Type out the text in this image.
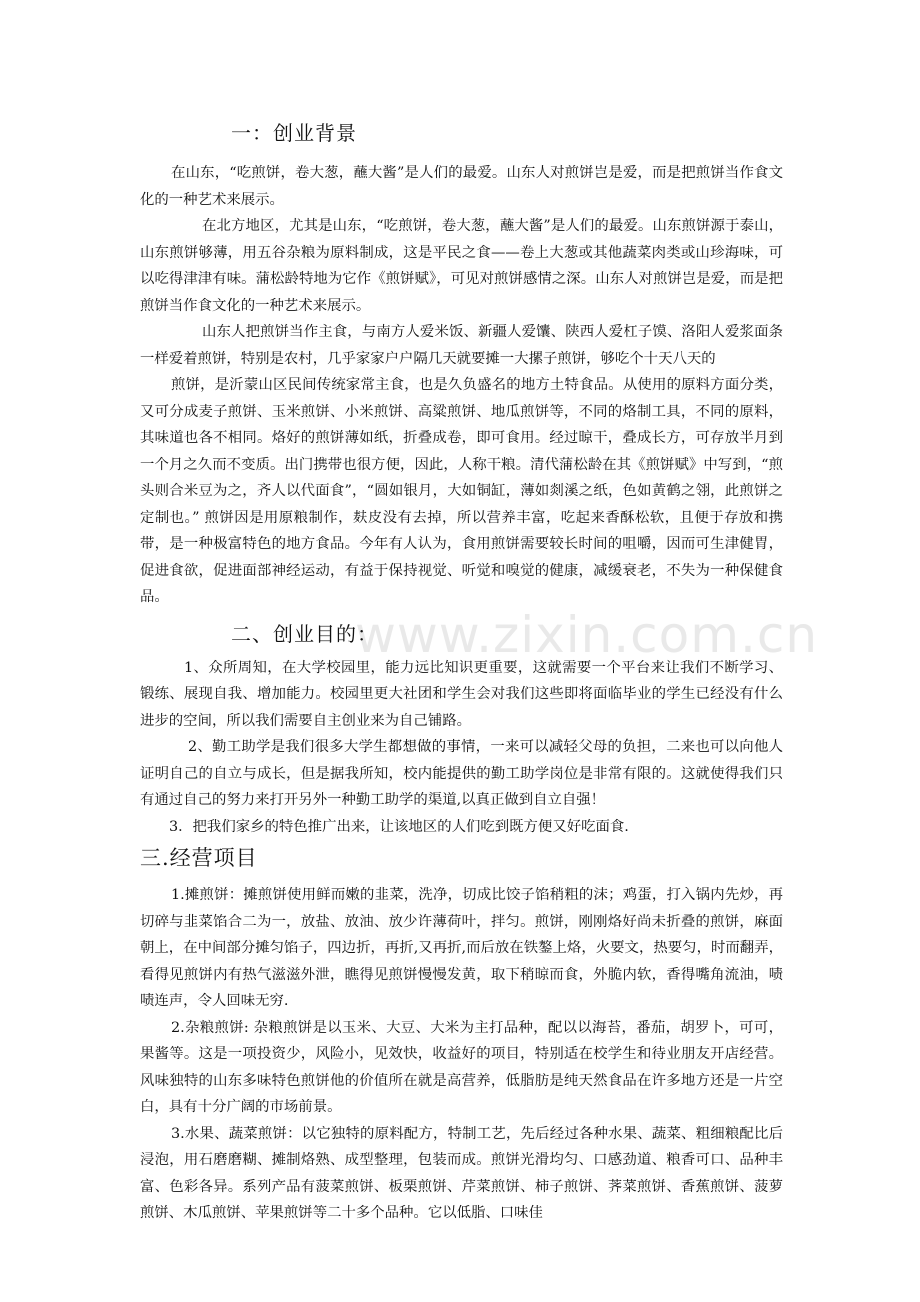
www.zixin.com.cn
一：创业背景

在山东，“吃煎饼，卷大葱，蘸大酱”是人们的最爱。山东人对煎饼岂是爱，而是把煎饼当作食文化的一种艺术来展示。

在北方地区，尤其是山东，“吃煎饼，卷大葱，蘸大酱”是人们的最爱。山东煎饼源于泰山，山东煎饼够薄，用五谷杂粮为原料制成，这是平民之食——卷上大葱或其他蔬菜肉类或山珍海味，可以吃得津津有味。蒲松龄特地为它作《煎饼赋》，可见对煎饼感情之深。山东人对煎饼岂是爱，而是把煎饼当作食文化的一种艺术来展示。

山东人把煎饼当作主食，与南方人爱米饭、新疆人爱馕、陕西人爱杠子馍、洛阳人爱浆面条一样爱着煎饼，特别是农村，几乎家家户户隔几天就要摊一大摞子煎饼，够吃个十天八天的

煎饼，是沂蒙山区民间传统家常主食，也是久负盛名的地方土特食品。从使用的原料方面分类，又可分成麦子煎饼、玉米煎饼、小米煎饼、高粱煎饼、地瓜煎饼等，不同的烙制工具，不同的原料，其味道也各不相同。烙好的煎饼薄如纸，折叠成卷，即可食用。经过晾干，叠成长方，可存放半月到一个月之久而不变质。出门携带也很方便，因此，人称干粮。清代蒲松龄在其《煎饼赋》中写到，“煎头则合米豆为之，齐人以代面食”，“圆如银月，大如铜缸，薄如剡溪之纸，色如黄鹤之翎，此煎饼之定制也。” 煎饼因是用原粮制作，麸皮没有去掉，所以营养丰富，吃起来香酥松软，且便于存放和携带，是一种极富特色的地方食品。今年有人认为，食用煎饼需要较长时间的咀嚼，因而可生津健胃，促进食欲，促进面部神经运动，有益于保持视觉、听觉和嗅觉的健康，减缓衰老，不失为一种保健食品。

二、创业目的：

1、众所周知，在大学校园里，能力远比知识更重要，这就需要一个平台来让我们不断学习、锻练、展现自我、增加能力。校园里更大社团和学生会对我们这些即将面临毕业的学生已经没有什么进步的空间，所以我们需要自主创业来为自己铺路。

2、勤工助学是我们很多大学生都想做的事情，一来可以减轻父母的负担，二来也可以向他人证明自己的自立与成长，但是据我所知，校内能提供的勤工助学岗位是非常有限的。这就使得我们只有通过自己的努力来打开另外一种勤工助学的渠道,以真正做到自立自强！

3．把我们家乡的特色推广出来，让该地区的人们吃到既方便又好吃面食.

三.经营项目

1.摊煎饼：摊煎饼使用鲜而嫩的韭菜，洗净，切成比饺子馅稍粗的沫；鸡蛋，打入锅内先炒，再切碎与韭菜馅合二为一，放盐、放油、放少许薄荷叶，拌匀。煎饼，刚刚烙好尚未折叠的煎饼，麻面朝上，在中间部分摊匀馅子，四边折，再折,又再折,而后放在铁鏊上烙，火要文，热要匀，时而翻弄，看得见煎饼内有热气滋滋外泄，瞧得见煎饼慢慢发黄，取下稍晾而食，外脆内软，香得嘴角流油，啧啧连声，令人回味无穷.

2.杂粮煎饼: 杂粮煎饼是以玉米、大豆、大米为主打品种，配以以海苔，番茄，胡罗卜，可可，果酱等。这是一项投资少，风险小，见效快，收益好的项目，特别适在校学生和待业朋友开店经营。风味独特的山东多味特色煎饼他的价值所在就是高营养，低脂肪是纯天然食品在许多地方还是一片空白，具有十分广阔的市场前景。

3.水果、蔬菜煎饼：以它独特的原料配方，特制工艺，先后经过各种水果、蔬菜、粗细粮配比后浸泡，用石磨磨糊、摊制烙熟、成型整理，包装而成。煎饼光滑均匀、口感劲道、粮香可口、品种丰富、色彩各异。系列产品有菠菜煎饼、板栗煎饼、芹菜煎饼、柿子煎饼、荠菜煎饼、香蕉煎饼、菠萝煎饼、木瓜煎饼、苹果煎饼等二十多个品种。它以低脂、口味佳
